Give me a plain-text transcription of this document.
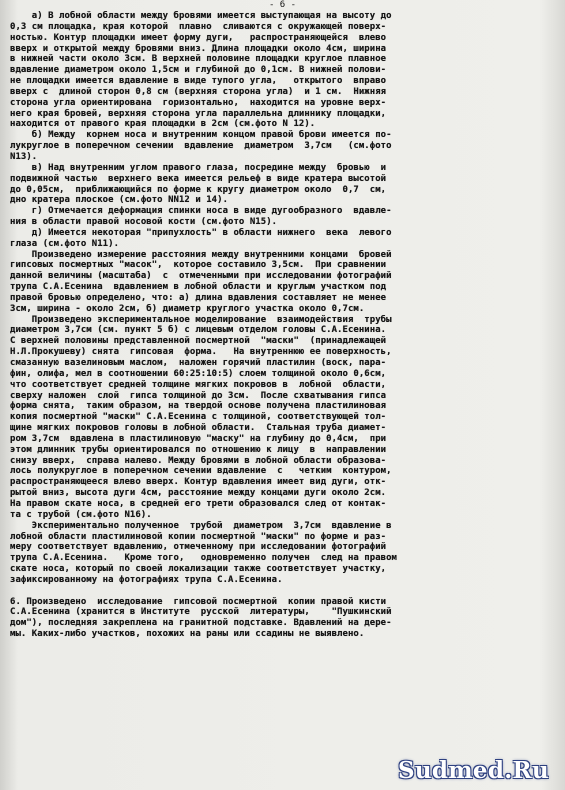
- 6 -
а) В лобной области между бровями имеется выступающая на высоту до
0,3 см площадка, края которой  плавно  сливаются с окружающей поверх-
ностью. Контур площадки имеет форму дуги,   распространяющейся  влево
вверх и открытой между бровями вниз. Длина площадки около 4см, ширина
в нижней части около 3см. В верхней половине площадки круглое плавное
вдавление диаметром около 1,5см и глубиной до 0,1см. В нижней полови-
не площадки имеется вдавление в виде тупого угла,   открытого  вправо
вверх с  длиной сторон 0,8 см (верхняя сторона угла)  и 1 см.  Нижняя
сторона угла ориентирована  горизонтально,  находится на уровне верх-
него края бровей, верхняя сторона угла параллельна длиннику площадки,
находится от правого края площадки в 2см (см.фото N 12).
б) Между  корнем носа и внутренним концом правой брови имеется по-
лукруглое в поперечном сечении  вдавление  диаметром  3,7см   (см.фото
N13).
в) Над внутренним углом правого глаза, посредине между  бровью  и
подвижной частью  верхнего века имеется рельеф в виде кратера высотой
до 0,05см,  приближающийся по форме к кругу диаметром около  0,7  см,
дно кратера плоское (см.фото NN12 и 14).
г) Отмечается деформация спинки носа в виде дугообразного  вдавле-
ния в области правой носовой кости (см.фото N15).
д) Имеется некоторая "припухлость" в области нижнего  века  левого
глаза (см.фото N11).
Произведено измерение расстояния между внутренними концами  бровей
гипсовых посмертных "масок",  которое составило 3,5см.  При сравнении
данной величины (масштаба)  с  отмеченными при исследовании фотографий
трупа С.А.Есенина  вдавлением в лобной области и круглым участком под
правой бровью определено, что: а) длина вдавления составляет не менее
3см, ширина - около 2см, б) диаметр круглого участка около 0,7см.
Произведено экспериментальное моделирование  взаимодействия  трубы
диаметром 3,7см (см. пункт 5 б) с лицевым отделом головы С.А.Есенина.
С верхней половины представленной посмертной  "маски"  (принадлежащей
Н.Л.Прокушеву) снята  гипсовая  форма.   На внутреннюю ее поверхность,
смазанную вазелиновым маслом,  наложен горячий пластилин (воск, пара-
фин, олифа, мел в соотношении 60:25:10:5) слоем толщиной около 0,6см,
что соответствует средней толщине мягких покровов в  лобной  области,
сверху наложен  слой  гипса толщиной до 3см.  После схватывания гипса
форма снята,  таким образом, на твердой основе получена пластилиновая
копия посмертной "маски" С.А.Есенина с толщиной, соответствующей тол-
щине мягких покровов головы в лобной области.  Стальная труба диамет-
ром 3,7см  вдавлена в пластилиновую "маску" на глубину до 0,4см,  при
этом длинник трубы ориентировался по отношению к лицу  в  направлении
снизу вверх,  справа налево. Между бровями в лобной области образова-
лось полукруглое в поперечном сечении вдавление  с   четким  контуром,
распространяющееся влево вверх. Контур вдавления имеет вид дуги, отк-
рытой вниз, высота дуги 4см, расстояние между концами дуги около 2см.
На правом скате носа, в средней его трети образовался след от контак-
та с трубой (см.фото N16).
Экспериментально полученное  трубой  диаметром  3,7см  вдавление в
лобной области пластилиновой копии посмертной "маски" по форме и раз-
меру соответствует вдавлению, отмеченному при исследовании фотографий
трупа С.А.Есенина.   Кроме того,   одновременно получен  след на правом
скате носа, который по своей локализации также соответствует участку,
зафиксированному на фотографиях трупа С.А.Есенина.

6. Произведено  исследование  гипсовой посмертной  копии правой кисти
С.А.Есенина (хранится в Институте  русской  литературы,    "Пушкинский
дом"), последняя закреплена на гранитной подставке. Вдавлений на дере-
мы. Каких-либо участков, похожих на раны или ссадины не выявлено.
Sudmed.Ru
